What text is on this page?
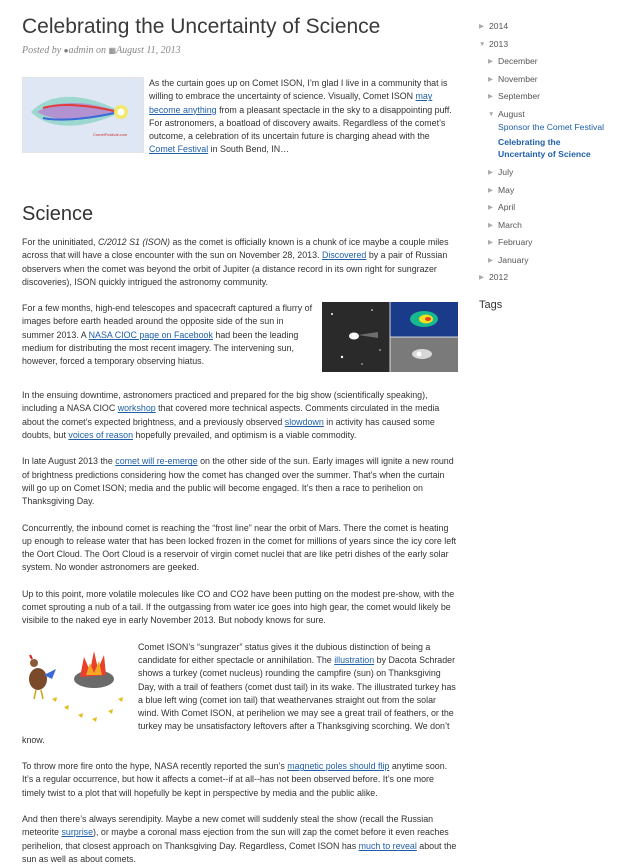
Celebrating the Uncertainty of Science
Posted by ●admin on ▦August 11, 2013
CometFestival.com
As the curtain goes up on Comet ISON, I’m glad I live in a community that is willing to embrace the uncertainty of science. Visually, Comet ISON may become anything from a pleasant spectacle in the sky to a disappointing puff. For astronomers, a boatload of discovery awaits. Regardless of the comet’s outcome, a celebration of its uncertain future is charging ahead with the Comet Festival in South Bend, IN…
Science

For the uninitiated, C/2012 S1 (ISON) as the comet is officially known is a chunk of ice maybe a couple miles across that will have a close encounter with the sun on November 28, 2013. Discovered by a pair of Russian observers when the comet was beyond the orbit of Jupiter (a distance record in its own right for sungrazer discoveries), ISON quickly intrigued the astronomy community.

For a few months, high-end telescopes and spacecraft captured a flurry of images before earth headed around the opposite side of the sun in summer 2013. A NASA CIOC page on Facebook had been the leading medium for distributing the most recent imagery. The intervening sun, however, forced a temporary observing hiatus.

In the ensuing downtime, astronomers practiced and prepared for the big show (scientifically speaking), including a NASA CIOC workshop that covered more technical aspects. Comments circulated in the media about the comet’s expected brightness, and a previously observed slowdown in activity has caused some doubts, but voices of reason hopefully prevailed, and optimism is a viable commodity.

In late August 2013 the comet will re-emerge on the other side of the sun. Early images will ignite a new round of brightness predictions considering how the comet has changed over the summer. That’s when the curtain will go up on Comet ISON; media and the public will become engaged. It’s then a race to perihelion on Thanksgiving Day.

Concurrently, the inbound comet is reaching the “frost line” near the orbit of Mars. There the comet is heating up enough to release water that has been locked frozen in the comet for millions of years since the icy core left the Oort Cloud. The Oort Cloud is a reservoir of virgin comet nuclei that are like petri dishes of the early solar system. No wonder astronomers are geeked.

Up to this point, more volatile molecules like CO and CO2 have been putting on the modest pre-show, with the comet sprouting a nub of a tail. If the outgassing from water ice goes into high gear, the comet would likely be visibile to the naked eye in early November 2013. But nobody knows for sure.

Comet ISON’s “sungrazer” status gives it the dubious distinction of being a candidate for either spectacle or annihilation. The illustration by Dacota Schrader shows a turkey (comet nucleus) rounding the campfire (sun) on Thanksgiving Day, with a trail of feathers (comet dust tail) in its wake. The illustrated turkey has a blue left wing (comet ion tail) that weathervanes straight out from the solar wind. With Comet ISON, at perihelion we may see a great trail of feathers, or the turkey may be unsatisfactory leftovers after a Thanksgiving scorching. We don’t know.

To throw more fire onto the hype, NASA recently reported the sun’s magnetic poles should flip anytime soon. It’s a regular occurrence, but how it affects a comet--if at all--has not been observed before. It’s one more timely twist to a plot that will hopefully be kept in perspective by media and the public alike.

And then there’s always serendipity. Maybe a new comet will suddenly steal the show (recall the Russian meteorite surprise), or maybe a coronal mass ejection from the sun will zap the comet before it even reaches perihelion, that closest approach on Thanksgiving Day. Regardless, Comet ISON has much to reveal about the sun as well as about comets.

▶ 2014
▼ 2013
▶ December
▶ November
▶ September
▼ August
Sponsor the Comet Festival
Celebrating the Uncertainty of Science
▶ July
▶ May
▶ April
▶ March
▶ February
▶ January
▶ 2012
Tags
